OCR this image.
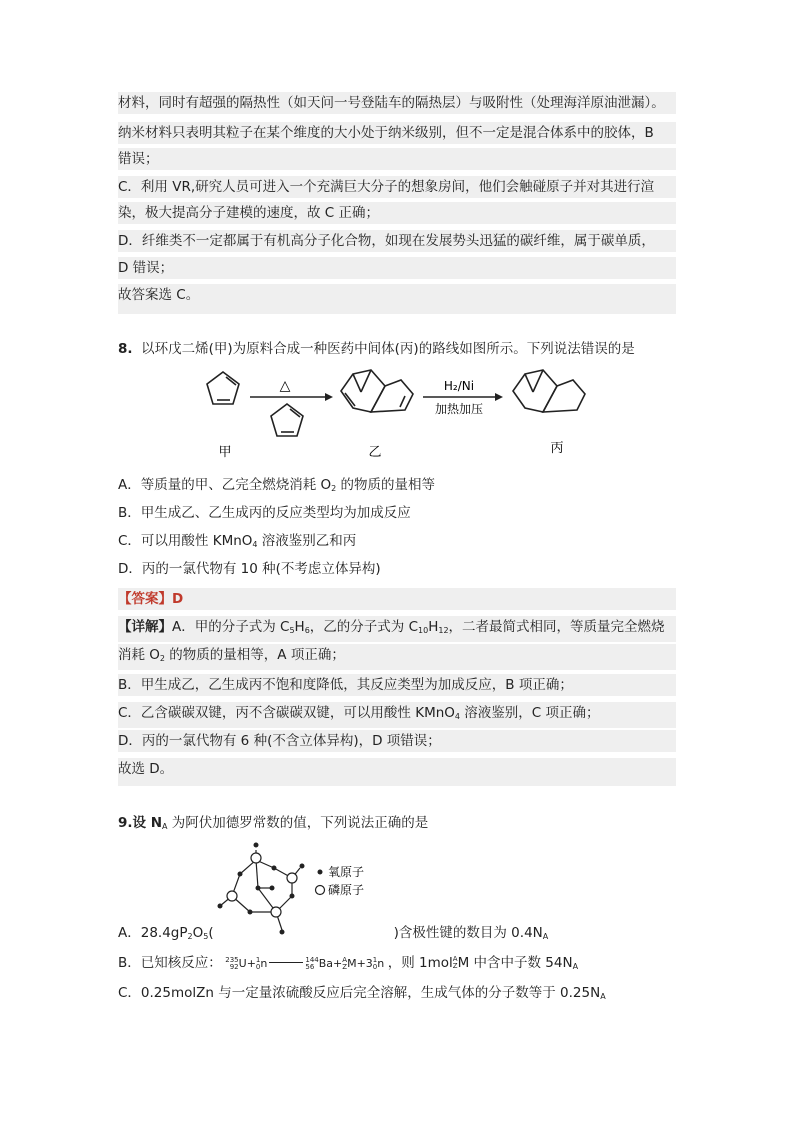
材料，同时有超强的隔热性（如天问一号登陆车的隔热层）与吸附性（处理海洋原油泄漏）。
纳米材料只表明其粒子在某个维度的大小处于纳米级别，但不一定是混合体系中的胶体，B
错误；
C．利用 VR,研究人员可进入一个充满巨大分子的想象房间，他们会触碰原子并对其进行渲
染，极大提高分子建模的速度，故 C 正确；
D．纤维类不一定都属于有机高分子化合物，如现在发展势头迅猛的碳纤维，属于碳单质，
D 错误；
故答案选 C。
8. 以环戊二烯(甲)为原料合成一种医药中间体(丙)的路线如图所示。下列说法错误的是
△	H₂/Ni
加热加压
甲	乙	丙
A．等质量的甲、乙完全燃烧消耗 $O_2$ 的物质的量相等
B．甲生成乙、乙生成丙的反应类型均为加成反应
C．可以用酸性 KMnO$_4$ 溶液鉴别乙和丙
D．丙的一氯代物有 10 种(不考虑立体异构)
【答案】D
【详解】A．甲的分子式为 $C_5H_6$，乙的分子式为 $C_{10}H_{12}$，二者最简式相同，等质量完全燃烧
消耗 $O_2$ 的物质的量相等，A 项正确；
B．甲生成乙，乙生成丙不饱和度降低，其反应类型为加成反应，B 项正确；
C．乙含碳碳双键，丙不含碳碳双键，可以用酸性 KMnO$_4$ 溶液鉴别，C 项正确；
D．丙的一氯代物有 6 种(不含立体异构)，D 项错误；
故选 D。
9.设 $N_A$ 为阿伏加德罗常数的值，下列说法正确的是
氧原子
磷原子
A．$28.4gP_2O_5$(	)含极性键的数目为 $0.4N_A$
B．已知核反应： 235
92 U+ 1
0 n	144
56 Ba+ A
Z M+3 1
0 n ，则 1mol A
Z M 中含中子数 $54N_A$
C．0.25molZn 与一定量浓硫酸反应后完全溶解，生成气体的分子数等于 $0.25N_A$
